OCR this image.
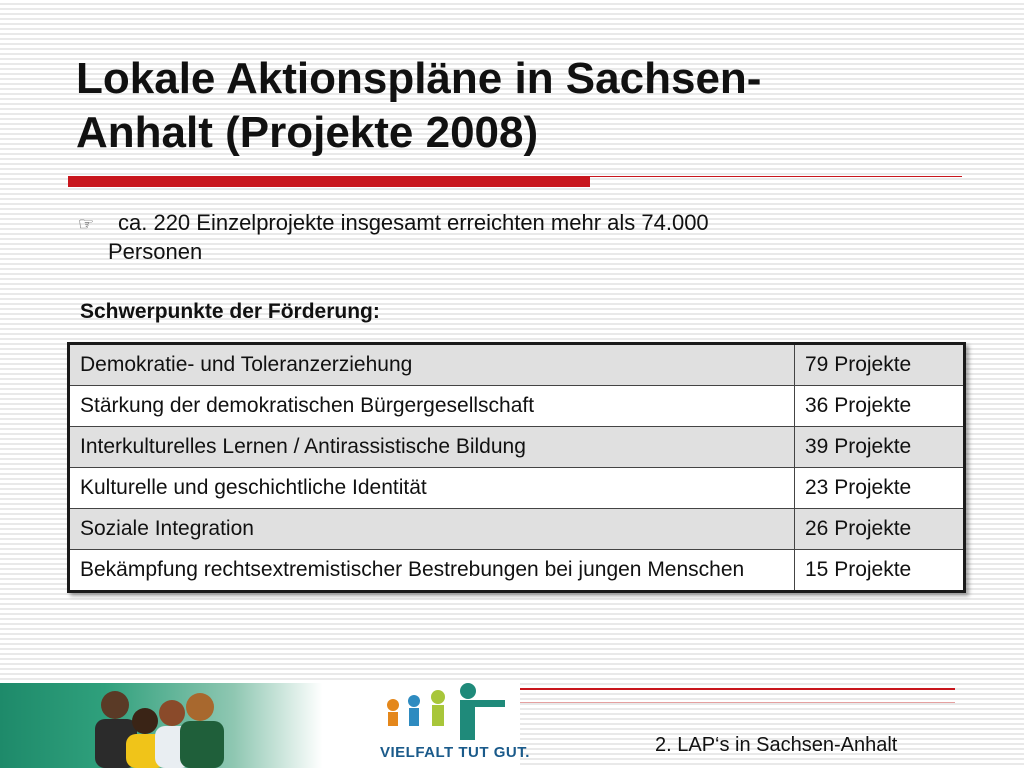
Lokale Aktionspläne in Sachsen-
Anhalt (Projekte 2008)
☞	ca. 220 Einzelprojekte insgesamt erreichten mehr als 74.000
Personen
Schwerpunkte der Förderung:
Demokratie- und Toleranzerziehung	79 Projekte
Stärkung der demokratischen Bürgergesellschaft	36 Projekte
Interkulturelles Lernen / Antirassistische Bildung	39 Projekte
Kulturelle und geschichtliche Identität	23 Projekte
Soziale Integration	26 Projekte
Bekämpfung rechtsextremistischer Bestrebungen bei jungen Menschen	15 Projekte
VIELFALT TUT GUT.	2. LAP‘s in Sachsen-Anhalt
